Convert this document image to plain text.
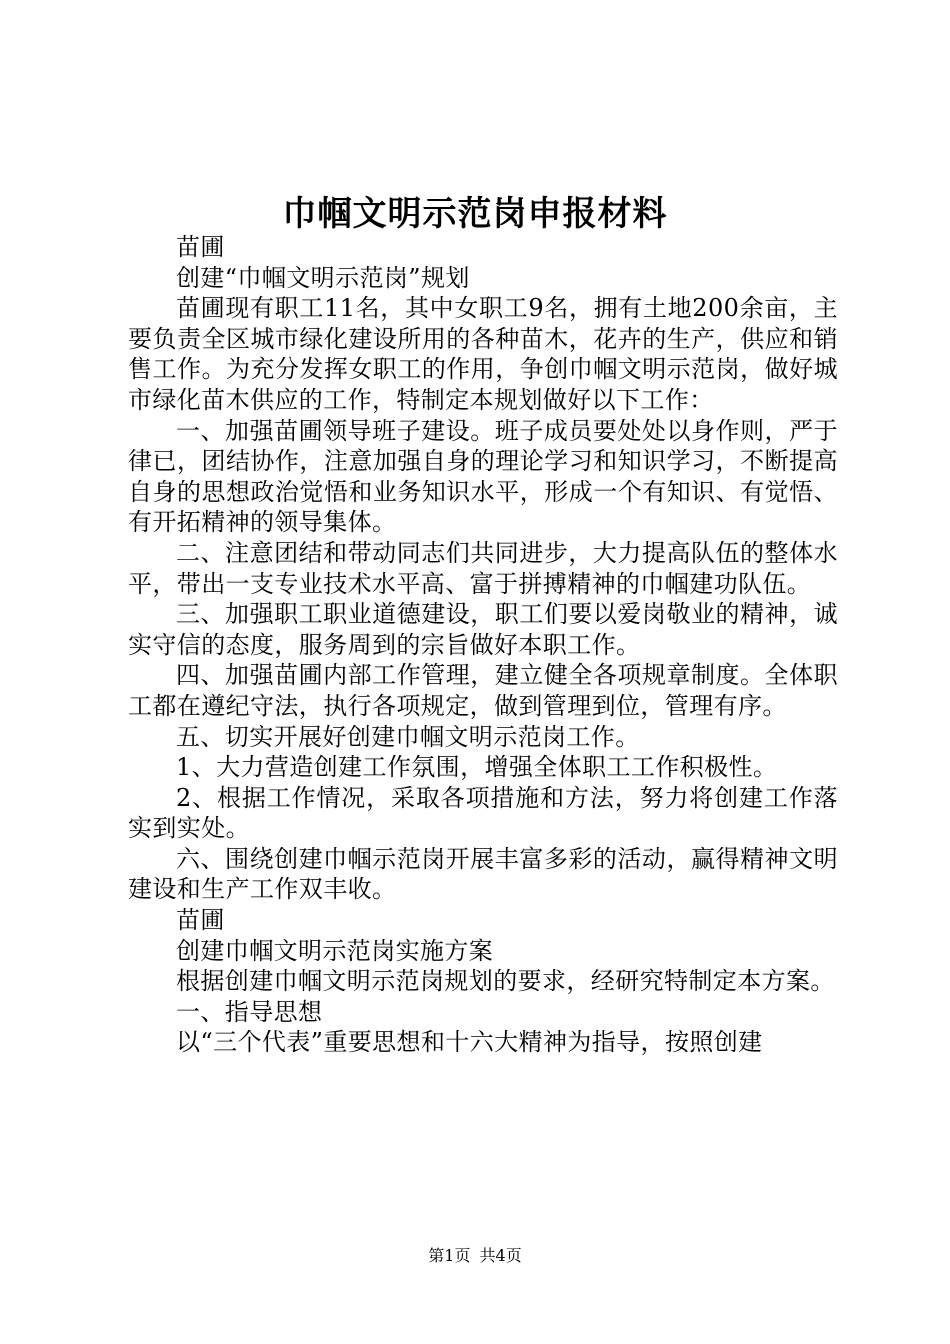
巾帼文明示范岗申报材料

苗圃

创建“巾帼文明示范岗”规划

苗圃现有职工11名，其中女职工9名，拥有土地200余亩，主要负责全区城市绿化建设所用的各种苗木，花卉的生产，供应和销售工作。为充分发挥女职工的作用，争创巾帼文明示范岗，做好城市绿化苗木供应的工作，特制定本规划做好以下工作：

一、加强苗圃领导班子建设。班子成员要处处以身作则，严于律已，团结协作，注意加强自身的理论学习和知识学习，不断提高自身的思想政治觉悟和业务知识水平，形成一个有知识、有觉悟、有开拓精神的领导集体。

二、注意团结和带动同志们共同进步，大力提高队伍的整体水平，带出一支专业技术水平高、富于拼搏精神的巾帼建功队伍。

三、加强职工职业道德建设，职工们要以爱岗敬业的精神，诚实守信的态度，服务周到的宗旨做好本职工作。

四、加强苗圃内部工作管理，建立健全各项规章制度。全体职工都在遵纪守法，执行各项规定，做到管理到位，管理有序。

五、切实开展好创建巾帼文明示范岗工作。

1、大力营造创建工作氛围，增强全体职工工作积极性。

2、根据工作情况，采取各项措施和方法，努力将创建工作落实到实处。

六、围绕创建巾帼示范岗开展丰富多彩的活动，赢得精神文明建设和生产工作双丰收。

苗圃

创建巾帼文明示范岗实施方案

根据创建巾帼文明示范岗规划的要求，经研究特制定本方案。

一、指导思想

以“三个代表”重要思想和十六大精神为指导，按照创建

第1页 共4页
